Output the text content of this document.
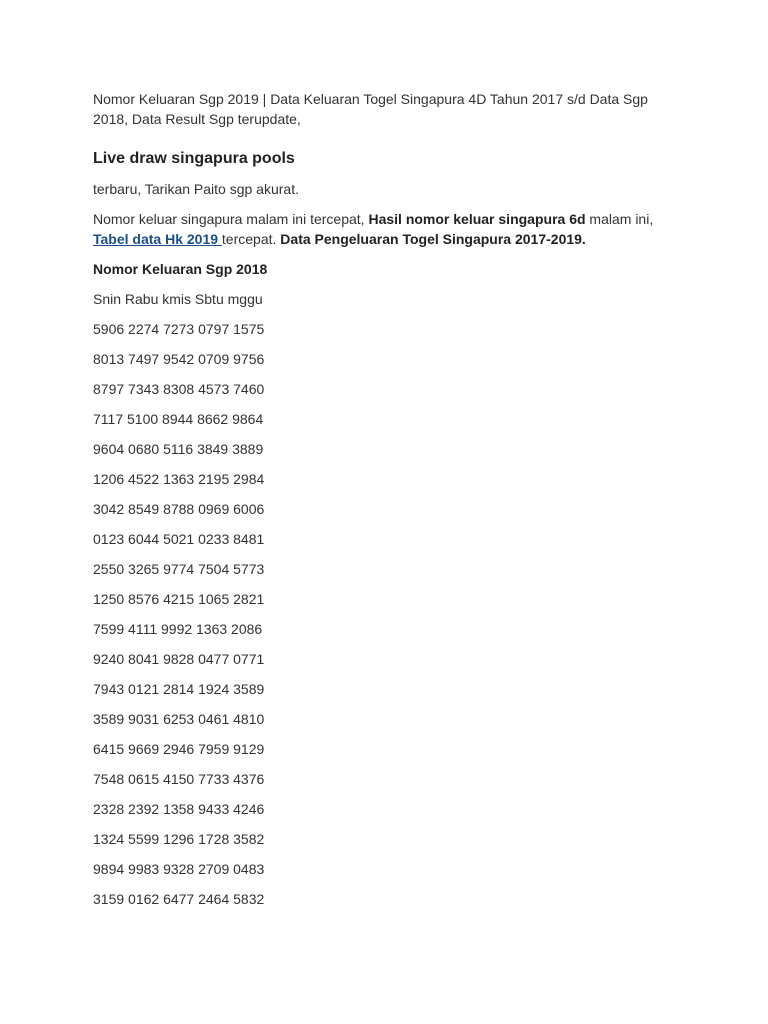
Nomor Keluaran Sgp 2019 | Data Keluaran Togel Singapura 4D Tahun 2017 s/d Data Sgp 2018, Data Result Sgp terupdate,

Live draw singapura pools

terbaru, Tarikan Paito sgp akurat.

Nomor keluar singapura malam ini tercepat, Hasil nomor keluar singapura 6d malam ini, Tabel data Hk 2019 tercepat. Data Pengeluaran Togel Singapura 2017-2019.

Nomor Keluaran Sgp 2018
Snin Rabu kmis Sbtu mggu
5906 2274 7273 0797 1575
8013 7497 9542 0709 9756
8797 7343 8308 4573 7460
7117 5100 8944 8662 9864
9604 0680 5116 3849 3889
1206 4522 1363 2195 2984
3042 8549 8788 0969 6006
0123 6044 5021 0233 8481
2550 3265 9774 7504 5773
1250 8576 4215 1065 2821
7599 4111 9992 1363 2086
9240 8041 9828 0477 0771
7943 0121 2814 1924 3589
3589 9031 6253 0461 4810
6415 9669 2946 7959 9129
7548 0615 4150 7733 4376
2328 2392 1358 9433 4246
1324 5599 1296 1728 3582
9894 9983 9328 2709 0483
3159 0162 6477 2464 5832
